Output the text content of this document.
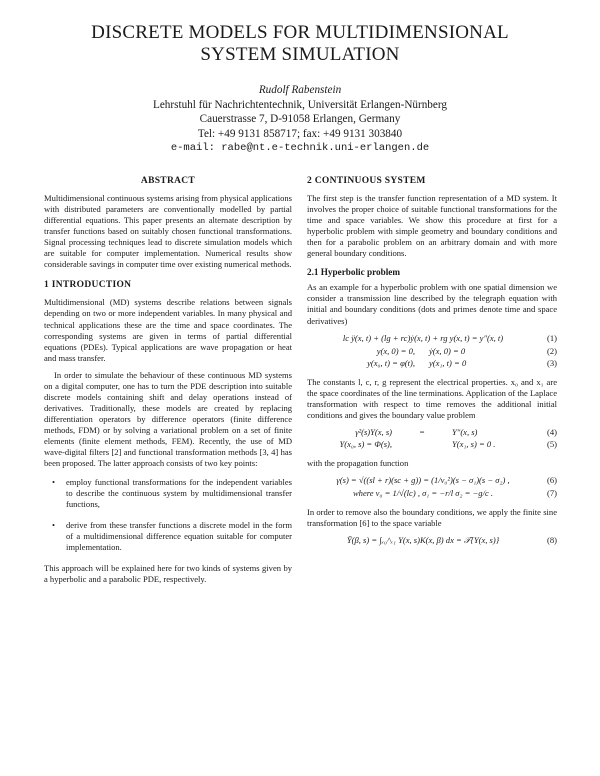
DISCRETE MODELS FOR MULTIDIMENSIONAL
SYSTEM SIMULATION
Rudolf Rabenstein
Lehrstuhl für Nachrichtentechnik, Universität Erlangen-Nürnberg
Cauerstrasse 7, D-91058 Erlangen, Germany
Tel: +49 9131 858717; fax: +49 9131 303840
e-mail: rabe@nt.e-technik.uni-erlangen.de
ABSTRACT

Multidimensional continuous systems arising from physical applications with distributed parameters are conventionally modelled by partial differential equations. This paper presents an alternate description by transfer functions based on suitably chosen functional transformations. Signal processing techniques lead to discrete simulation models which are suitable for computer implementation. Numerical results show considerable savings in computer time over existing numerical methods.

1 INTRODUCTION

Multidimensional (MD) systems describe relations between signals depending on two or more independent variables. In many physical and technical applications these are the time and space coordinates. The corresponding systems are given in terms of partial differential equations (PDEs). Typical applications are wave propagation or heat and mass transfer.

In order to simulate the behaviour of these continuous MD systems on a digital computer, one has to turn the PDE description into suitable discrete models containing shift and delay operations instead of derivatives. Traditionally, these models are created by replacing differentiation operators by difference operators (finite difference methods, FDM) or by solving a variational problem on a set of finite elements (finite element methods, FEM). Recently, the use of MD wave-digital filters [2] and functional transformation methods [3, 4] has been proposed. The latter approach consists of two key points:

• employ functional transformations for the independent variables to describe the continuous system by multidimensional transfer functions,
• derive from these transfer functions a discrete model in the form of a multidimensional difference equation suitable for computer implementation.

This approach will be explained here for two kinds of systems given by a hyperbolic and a parabolic PDE, respectively.

2 CONTINUOUS SYSTEM

The first step is the transfer function representation of a MD system. It involves the proper choice of suitable functional transformations for the time and space variables. We show this procedure at first for a hyperbolic problem with simple geometry and boundary conditions and then for a parabolic problem on an arbitrary domain and with more general boundary conditions.

2.1 Hyperbolic problem

As an example for a hyperbolic problem with one spatial dimension we consider a transmission line described by the telegraph equation with initial and boundary conditions (dots and primes denote time and space derivatives)

lc ÿ(x, t) + (lg + rc)ẏ(x, t) + rg y(x, t) = y″(x, t)	(1)
y(x, 0) = 0, ẏ(x, 0) = 0	(2)
y(x₀, t) = φ(t), y(x₁, t) = 0	(3)

The constants l, c, r, g represent the electrical properties. x₀ and x₁ are the space coordinates of the line terminations. Application of the Laplace transformation with respect to time removes the additional initial conditions and gives the boundary value problem

γ²(s)Y(x, s)	=	Y″(x, s)	(4)
Y(x₀, s) = Φ(s),	Y(x₁, s) = 0 .	(5)

with the propagation function

γ(s) = √((sl + r)(sc + g)) = (1/v₀²)(s − σ₁)(s − σ₂) ,	(6)
where v₀ = 1/√(lc) , σ₁ = −r/l σ₂ = −g/c .	(7)

In order to remove also the boundary conditions, we apply the finite sine transformation [6] to the space variable

Ȳ(β, s) = ∫ₓ₀^ₓ₁ Y(x, s)K(x, β) dx = 𝒯{Y(x, s)}	(8)
